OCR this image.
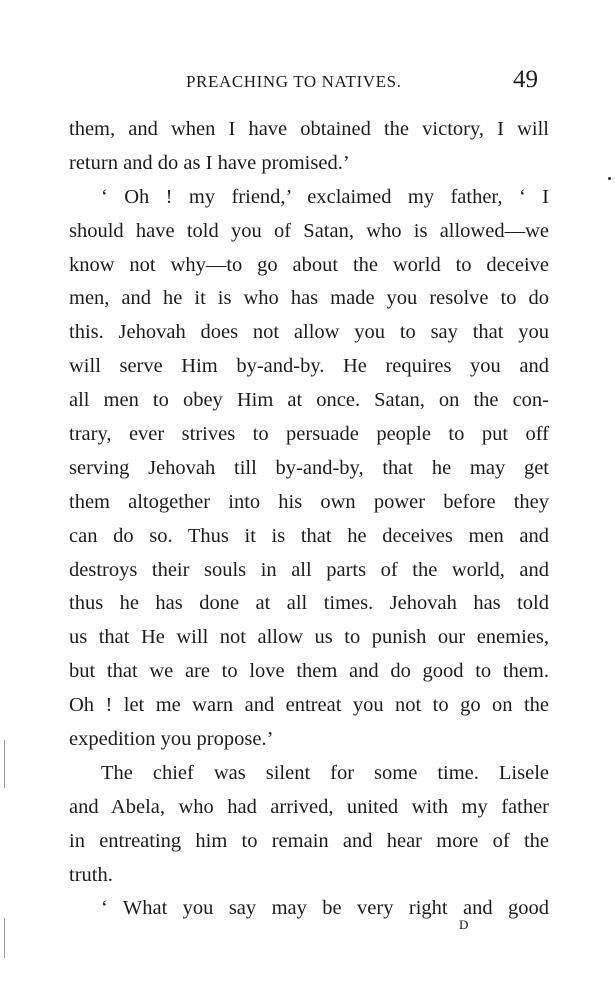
PREACHING TO NATIVES.	49
them, and when I have obtained the victory, I will
return and do as I have promised.’
‘ Oh ! my friend,’ exclaimed my father, ‘ I
should have told you of Satan, who is allowed—we
know not why—to go about the world to deceive
men, and he it is who has made you resolve to do
this. Jehovah does not allow you to say that you
will serve Him by-and-by. He requires you and
all men to obey Him at once. Satan, on the con-
trary, ever strives to persuade people to put off
serving Jehovah till by-and-by, that he may get
them altogether into his own power before they
can do so. Thus it is that he deceives men and
destroys their souls in all parts of the world, and
thus he has done at all times. Jehovah has told
us that He will not allow us to punish our enemies,
but that we are to love them and do good to them.
Oh ! let me warn and entreat you not to go on the
expedition you propose.’
The chief was silent for some time. Lisele
and Abela, who had arrived, united with my father
in entreating him to remain and hear more of the
truth.
‘ What you say may be very right and good
D
